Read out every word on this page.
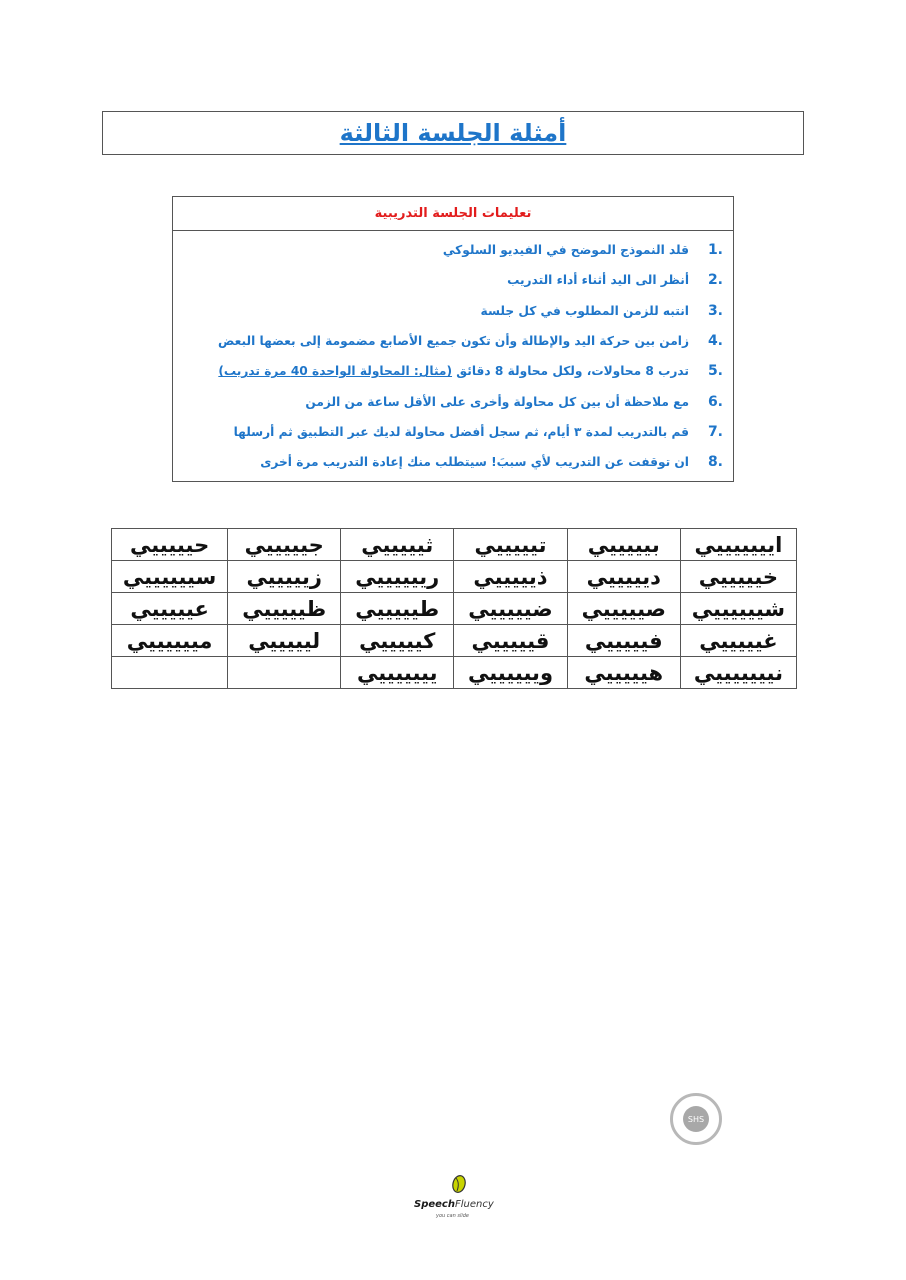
أمثلة الجلسة الثالثة
تعليمات الجلسة التدريبية
1.
قلد النموذج الموضح في الفيديو السلوكي
2.
أنظر الى اليد أثناء أداء التدريب
3.
انتبه للزمن المطلوب في كل جلسة
4.
زامن بين حركة اليد والإطالة وأن تكون جميع الأصابع مضمومة إلى بعضها البعض
5.
تدرب 8 محاولات، ولكل محاولة 8 دقائق

(مثال: المحاولة الواحدة 40 مرة تدريب)
6.
مع ملاحظة أن بين كل محاولة وأخرى على الأقل ساعة من الزمن
7.
قم بالتدريب لمدة ٣ أيام، ثم سجل أفضل محاولة لديك عبر التطبيق ثم أرسلها
8.
ان توقفت عن التدريب لأي سببَ! سيتطلب منك إعادة التدريب مرة أخرى
ايييييييي	بيييييي	تيييييي	ثيييييي	جيييييي	حيييييي
خيييييي	ديييييي	ذيييييي	رييييييي	زيييييي	سييييييي
شييييييي	صيييييي	ضيييييي	طيييييي	ظيييييي	عيييييي
غيييييي	فيييييي	قيييييي	كيييييي	ليييييي	مييييييي
نيييييييي	هيييييي	وييييييي	يييييييي		
SHS
SpeechFluency
you can slide
